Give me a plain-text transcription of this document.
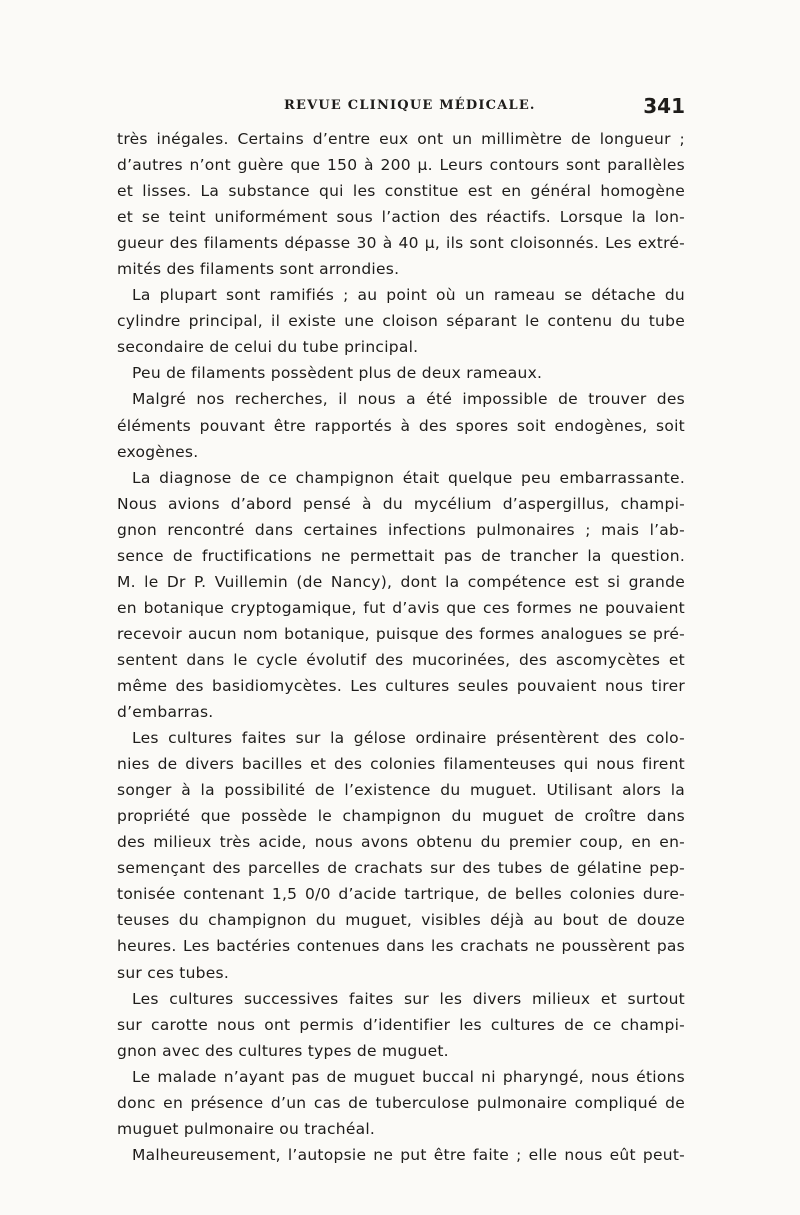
REVUE CLINIQUE MÉDICALE.	341
très inégales. Certains d’entre eux ont un millimètre de longueur ;
d’autres n’ont guère que 150 à 200 μ. Leurs contours sont parallèles
et lisses. La substance qui les constitue est en général homogène
et se teint uniformément sous l’action des réactifs. Lorsque la lon-
gueur des filaments dépasse 30 à 40 μ, ils sont cloisonnés. Les extré-
mités des filaments sont arrondies.
La plupart sont ramifiés ; au point où un rameau se détache du
cylindre principal, il existe une cloison séparant le contenu du tube
secondaire de celui du tube principal.
Peu de filaments possèdent plus de deux rameaux.
Malgré nos recherches, il nous a été impossible de trouver des
éléments pouvant être rapportés à des spores soit endogènes, soit
exogènes.
La diagnose de ce champignon était quelque peu embarrassante.
Nous avions d’abord pensé à du mycélium d’aspergillus, champi-
gnon rencontré dans certaines infections pulmonaires ; mais l’ab-
sence de fructifications ne permettait pas de trancher la question.
M. le Dr P. Vuillemin (de Nancy), dont la compétence est si grande
en botanique cryptogamique, fut d’avis que ces formes ne pouvaient
recevoir aucun nom botanique, puisque des formes analogues se pré-
sentent dans le cycle évolutif des mucorinées, des ascomycètes et
même des basidiomycètes. Les cultures seules pouvaient nous tirer
d’embarras.
Les cultures faites sur la gélose ordinaire présentèrent des colo-
nies de divers bacilles et des colonies filamenteuses qui nous firent
songer à la possibilité de l’existence du muguet. Utilisant alors la
propriété que possède le champignon du muguet de croître dans
des milieux très acide, nous avons obtenu du premier coup, en en-
semençant des parcelles de crachats sur des tubes de gélatine pep-
tonisée contenant 1,5 0/0 d’acide tartrique, de belles colonies dure-
teuses du champignon du muguet, visibles déjà au bout de douze
heures. Les bactéries contenues dans les crachats ne poussèrent pas
sur ces tubes.
Les cultures successives faites sur les divers milieux et surtout
sur carotte nous ont permis d’identifier les cultures de ce champi-
gnon avec des cultures types de muguet.
Le malade n’ayant pas de muguet buccal ni pharyngé, nous étions
donc en présence d’un cas de tuberculose pulmonaire compliqué de
muguet pulmonaire ou trachéal.
Malheureusement, l’autopsie ne put être faite ; elle nous eût peut-
